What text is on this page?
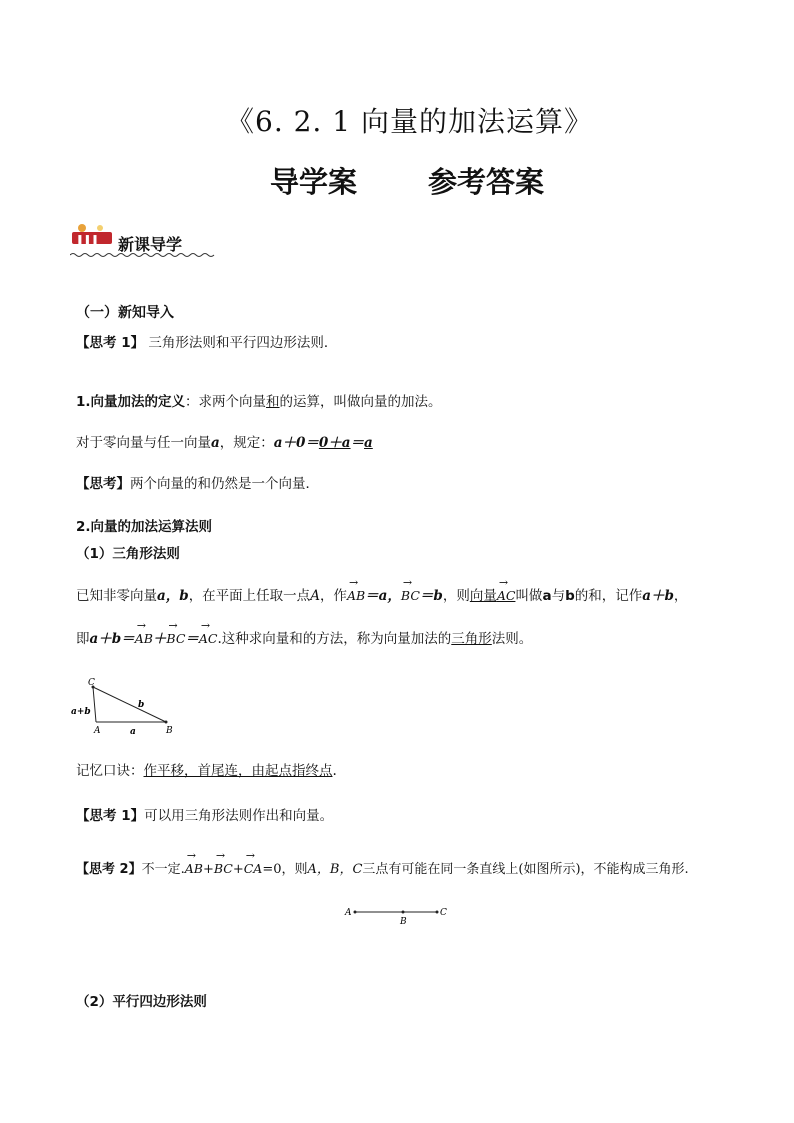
《6. 2. 1 向量的加法运算》
导学案 参考答案
❚❚❚ 新课导学
（一）新知导入
【思考 1】 三角形法则和平行四边形法则．
1.向量加法的定义：求两个向量和的运算，叫做向量的加法。
对于零向量与任一向量a，规定：a＋0＝0＋a＝a
【思考】两个向量的和仍然是一个向量．
2.向量的加法运算法则
（1）三角形法则
已知非零向量a，b，在平面上任取一点A，作→ AB＝a，→ BC＝b，则向量→ AC叫做a与b的和，记作a＋b，
即a＋b＝→ AB＋→ BC＝→ AC.这种求向量和的方法，称为向量加法的三角形法则。
C
A	B
a
b
a+b
记忆口诀：作平移，首尾连，由起点指终点.
【思考 1】可以用三角形法则作出和向量。
【思考 2】不一定.→ AB+→ BC+→ CA=0，则A，B，C三点有可能在同一条直线上(如图所示)，不能构成三角形.
A
B
C
（2）平行四边形法则
